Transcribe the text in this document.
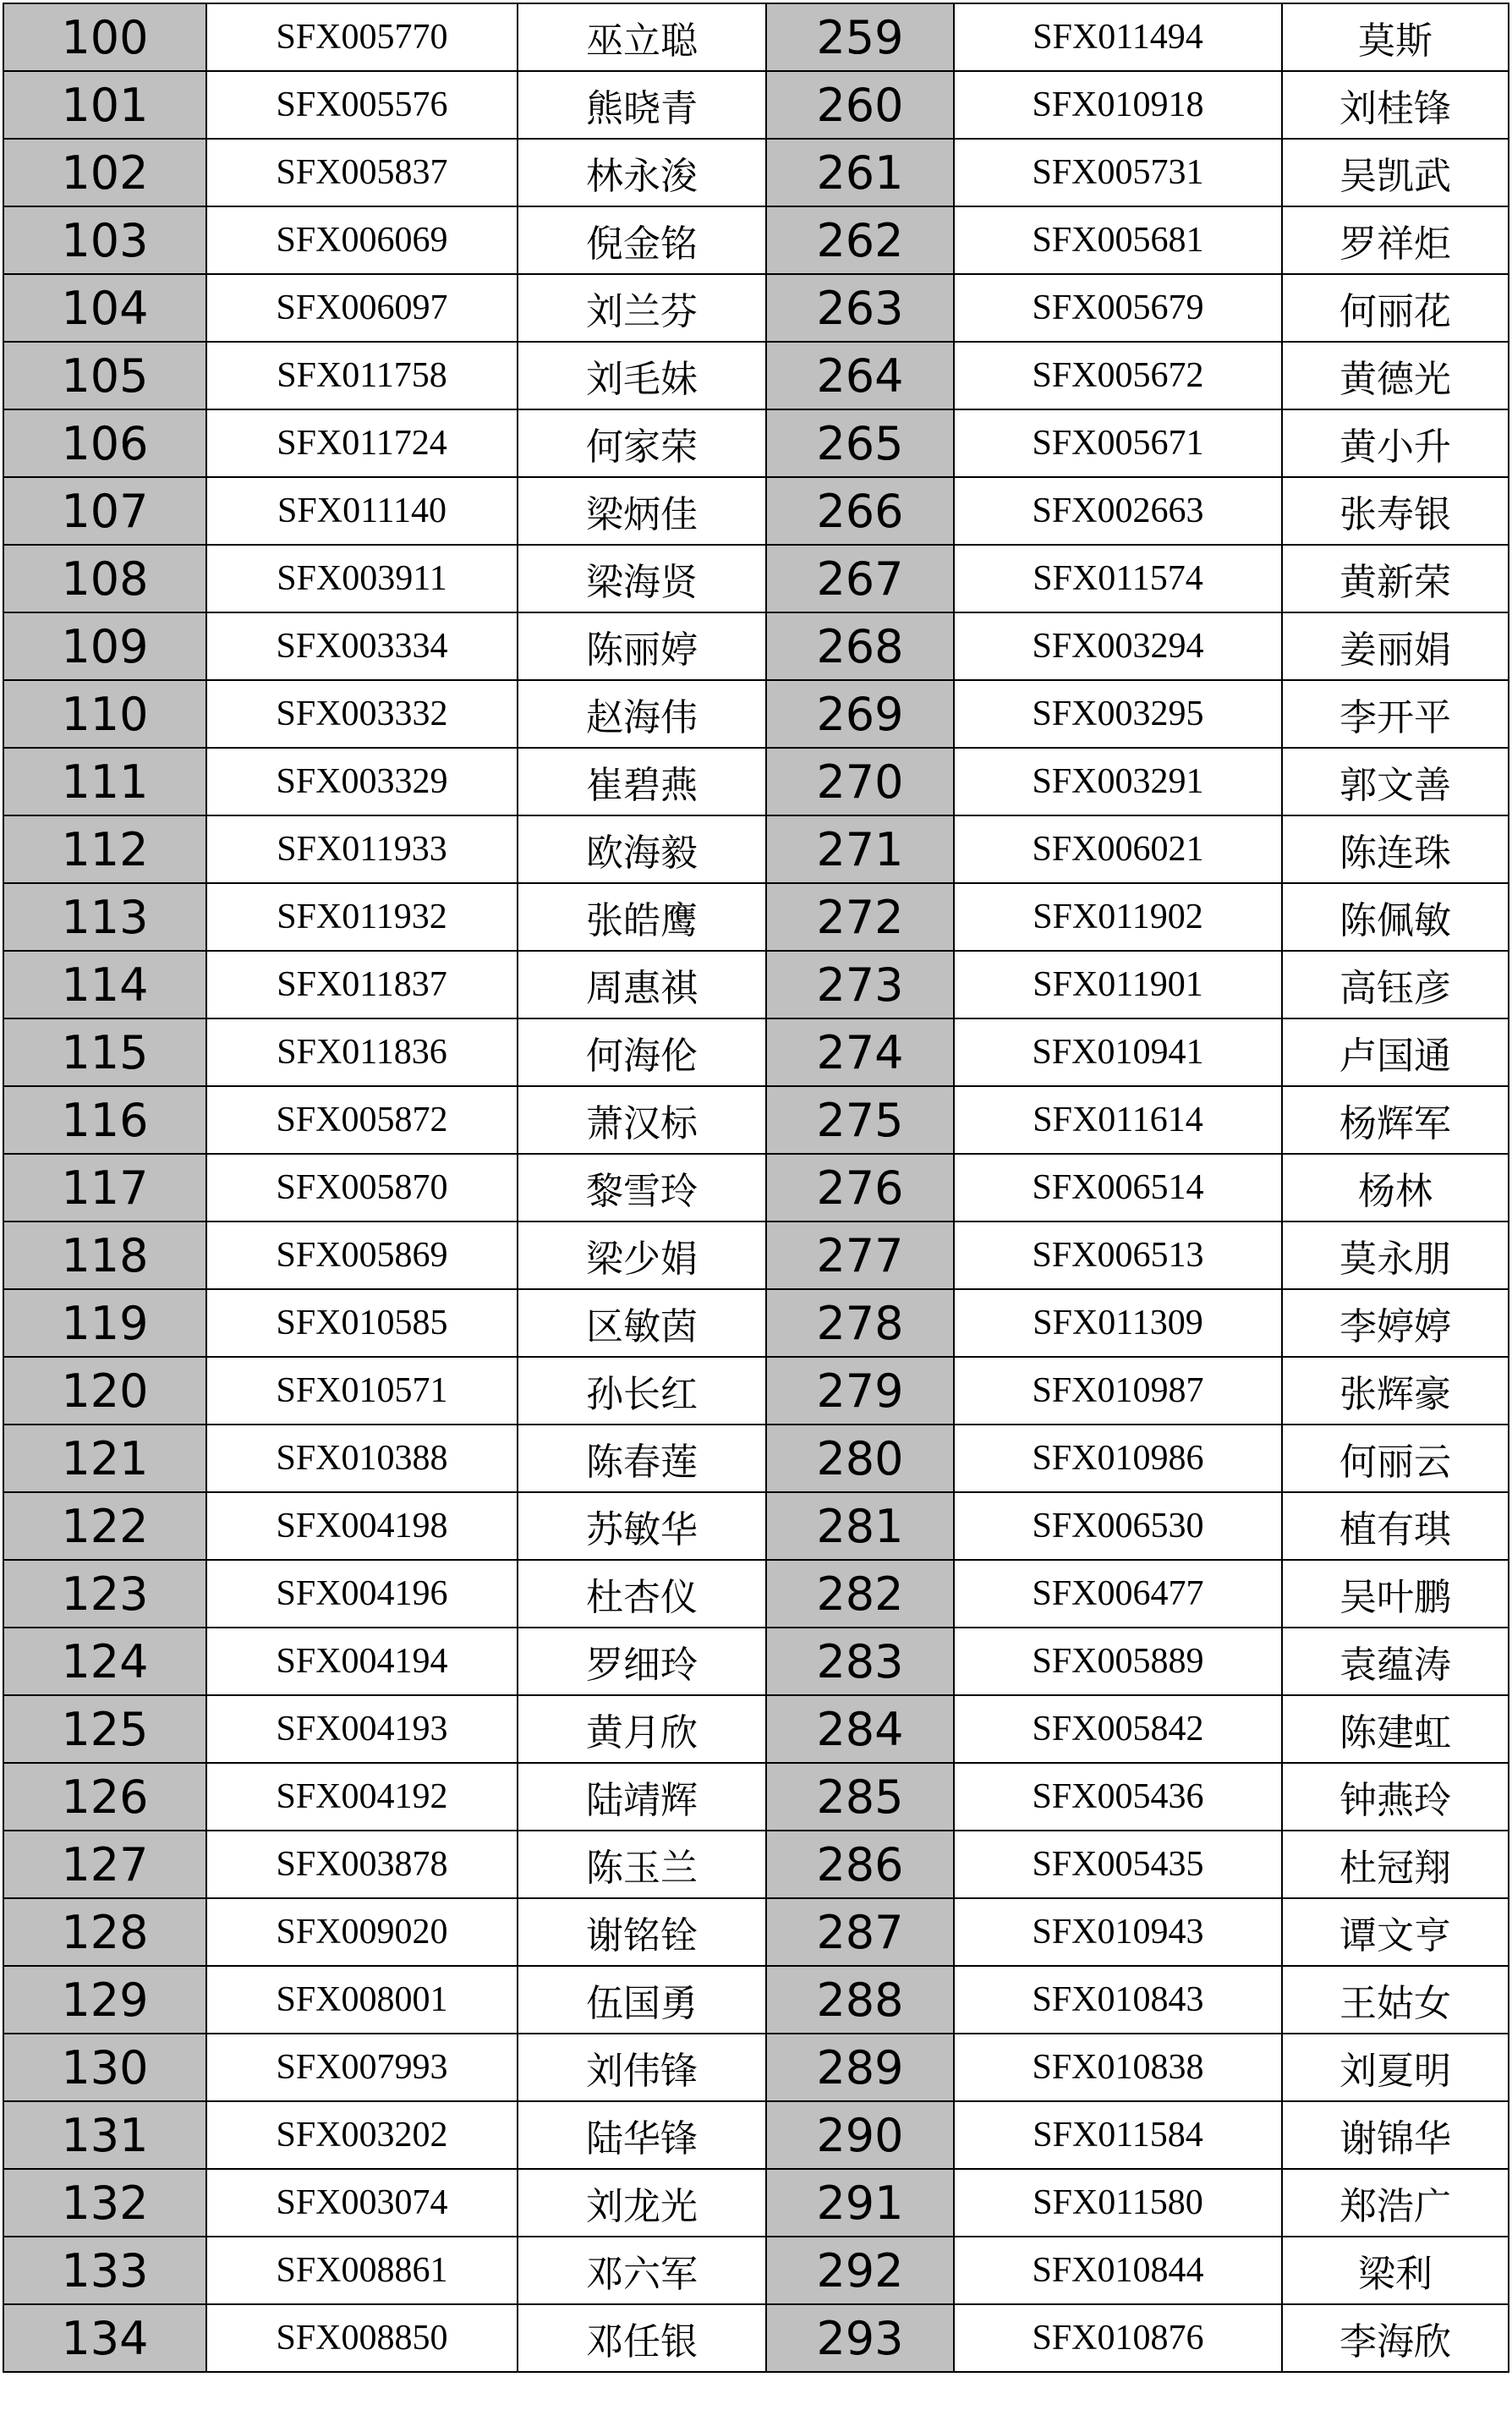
100	SFX005770	巫立聪	259	SFX011494	莫斯
101	SFX005576	熊晓青	260	SFX010918	刘桂锋
102	SFX005837	林永浚	261	SFX005731	吴凯武
103	SFX006069	倪金铭	262	SFX005681	罗祥炬
104	SFX006097	刘兰芬	263	SFX005679	何丽花
105	SFX011758	刘毛妹	264	SFX005672	黄德光
106	SFX011724	何家荣	265	SFX005671	黄小升
107	SFX011140	梁炳佳	266	SFX002663	张寿银
108	SFX003911	梁海贤	267	SFX011574	黄新荣
109	SFX003334	陈丽婷	268	SFX003294	姜丽娟
110	SFX003332	赵海伟	269	SFX003295	李开平
111	SFX003329	崔碧燕	270	SFX003291	郭文善
112	SFX011933	欧海毅	271	SFX006021	陈连珠
113	SFX011932	张皓鹰	272	SFX011902	陈佩敏
114	SFX011837	周惠祺	273	SFX011901	高钰彦
115	SFX011836	何海伦	274	SFX010941	卢国通
116	SFX005872	萧汉标	275	SFX011614	杨辉军
117	SFX005870	黎雪玲	276	SFX006514	杨林
118	SFX005869	梁少娟	277	SFX006513	莫永朋
119	SFX010585	区敏茵	278	SFX011309	李婷婷
120	SFX010571	孙长红	279	SFX010987	张辉豪
121	SFX010388	陈春莲	280	SFX010986	何丽云
122	SFX004198	苏敏华	281	SFX006530	植有琪
123	SFX004196	杜杏仪	282	SFX006477	吴叶鹏
124	SFX004194	罗细玲	283	SFX005889	袁蕴涛
125	SFX004193	黄月欣	284	SFX005842	陈建虹
126	SFX004192	陆靖辉	285	SFX005436	钟燕玲
127	SFX003878	陈玉兰	286	SFX005435	杜冠翔
128	SFX009020	谢铭铨	287	SFX010943	谭文亨
129	SFX008001	伍国勇	288	SFX010843	王姑女
130	SFX007993	刘伟锋	289	SFX010838	刘夏明
131	SFX003202	陆华锋	290	SFX011584	谢锦华
132	SFX003074	刘龙光	291	SFX011580	郑浩广
133	SFX008861	邓六军	292	SFX010844	梁利
134	SFX008850	邓任银	293	SFX010876	李海欣
